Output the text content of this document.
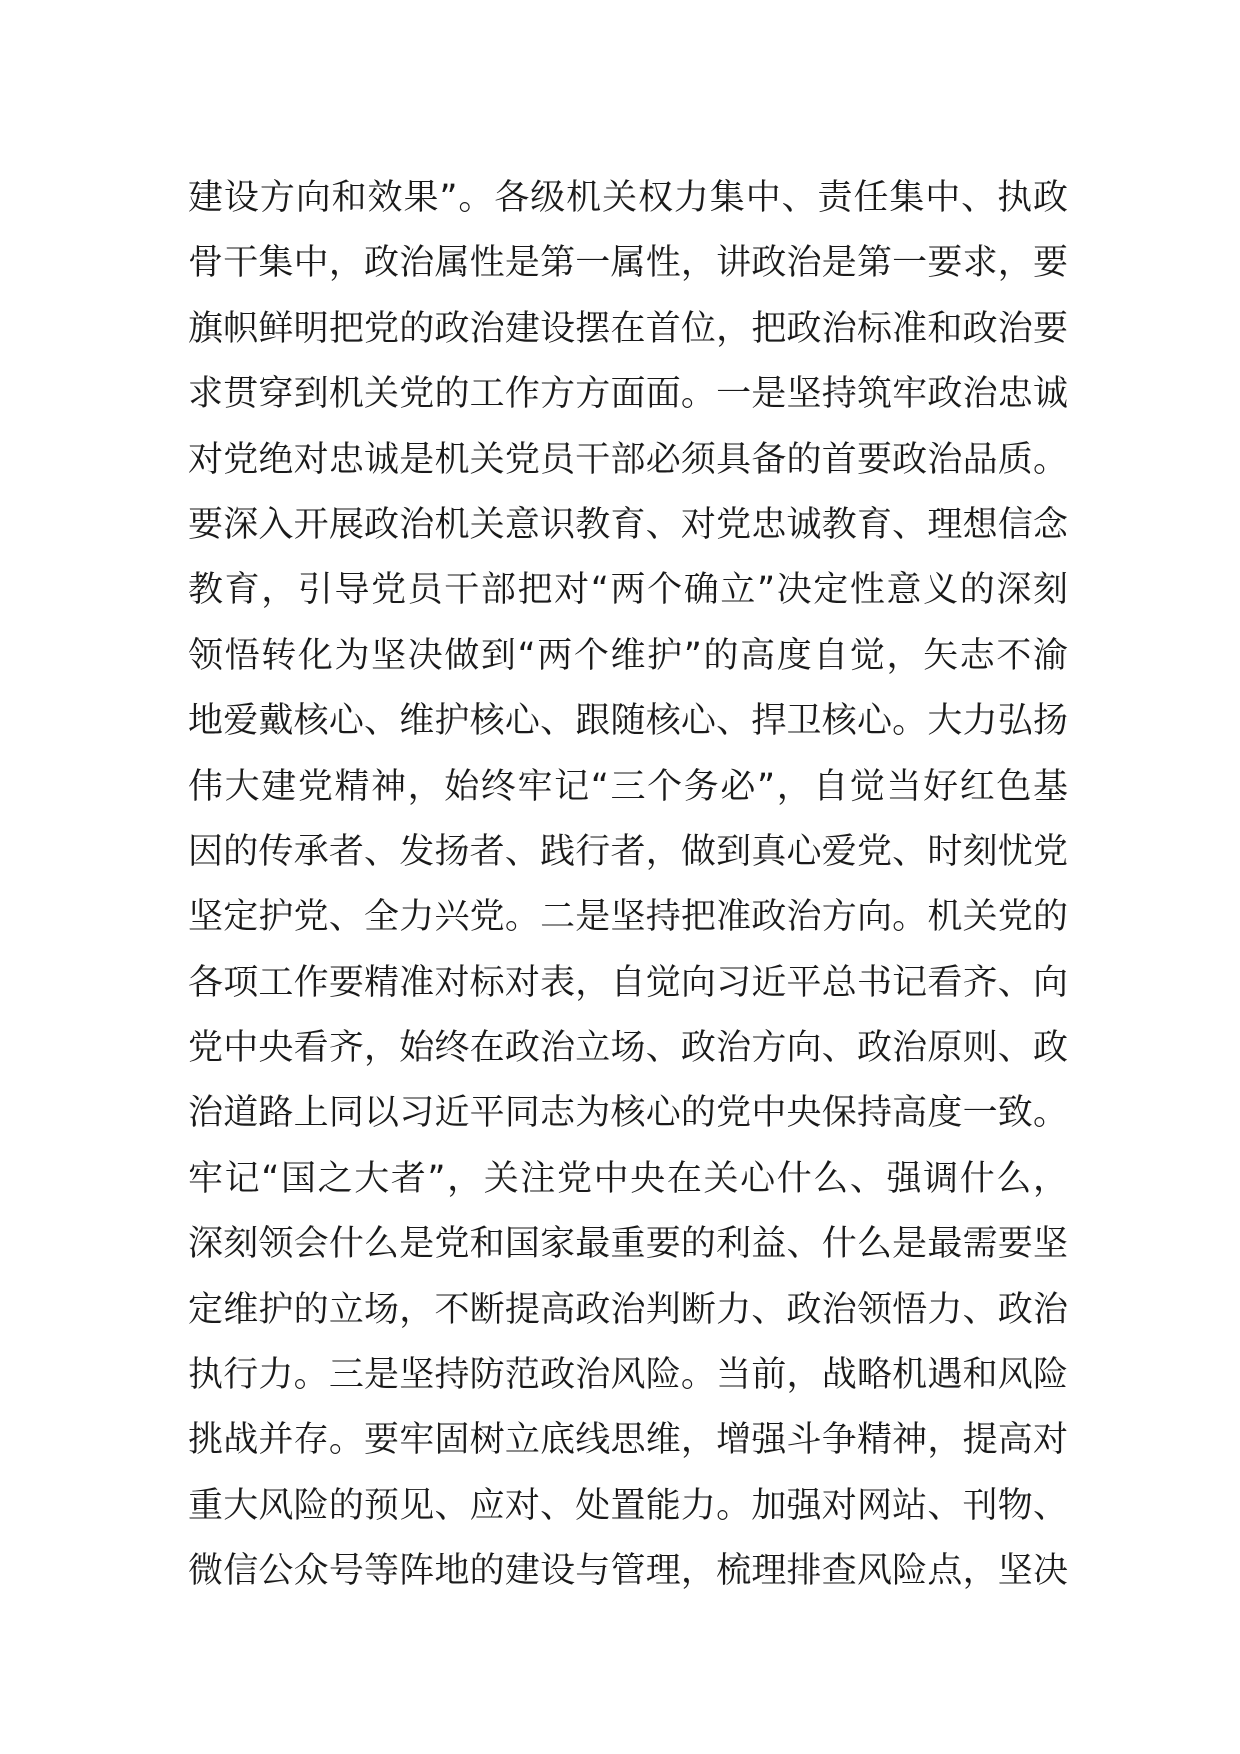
建设方向和效果”。各级机关权力集中、责任集中、执政
骨干集中，政治属性是第一属性，讲政治是第一要求，要
旗帜鲜明把党的政治建设摆在首位，把政治标准和政治要
求贯穿到机关党的工作方方面面。一是坚持筑牢政治忠诚
对党绝对忠诚是机关党员干部必须具备的首要政治品质。
要深入开展政治机关意识教育、对党忠诚教育、理想信念
教育，引导党员干部把对“两个确立”决定性意义的深刻
领悟转化为坚决做到“两个维护”的高度自觉，矢志不渝
地爱戴核心、维护核心、跟随核心、捍卫核心。大力弘扬
伟大建党精神，始终牢记“三个务必”，自觉当好红色基
因的传承者、发扬者、践行者，做到真心爱党、时刻忧党
坚定护党、全力兴党。二是坚持把准政治方向。机关党的
各项工作要精准对标对表，自觉向习近平总书记看齐、向
党中央看齐，始终在政治立场、政治方向、政治原则、政
治道路上同以习近平同志为核心的党中央保持高度一致。
牢记“国之大者”，关注党中央在关心什么、强调什么，
深刻领会什么是党和国家最重要的利益、什么是最需要坚
定维护的立场，不断提高政治判断力、政治领悟力、政治
执行力。三是坚持防范政治风险。当前，战略机遇和风险
挑战并存。要牢固树立底线思维，增强斗争精神，提高对
重大风险的预见、应对、处置能力。加强对网站、刊物、
微信公众号等阵地的建设与管理，梳理排查风险点，坚决
